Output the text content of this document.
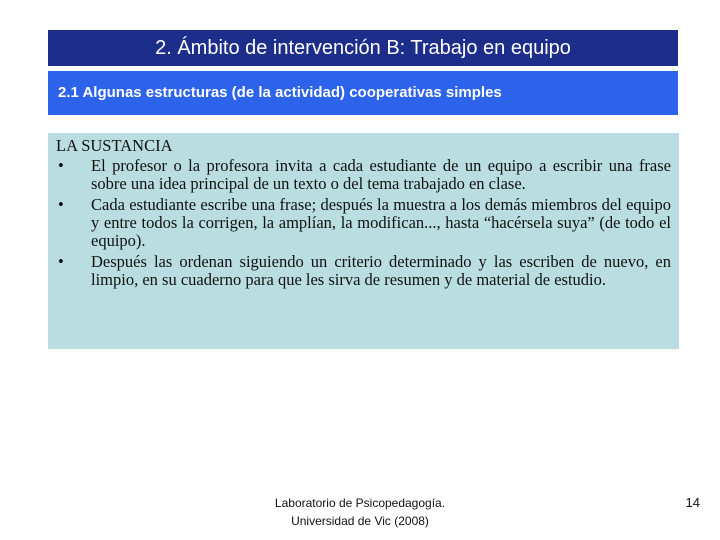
2. Ámbito de intervención B: Trabajo en equipo
2.1 Algunas estructuras (de la actividad) cooperativas simples

LA SUSTANCIA

• El profesor o la profesora invita a cada estudiante de un equipo a escribir una frase sobre una idea principal de un texto o del tema trabajado en clase.
• Cada estudiante escribe una frase; después la muestra a los demás miembros del equipo y entre todos la corrigen, la amplían, la modifican..., hasta “hacérsela suya” (de todo el equipo).
• Después las ordenan siguiendo un criterio determinado y las escriben de nuevo, en limpio, en su cuaderno para que les sirva de resumen y de material de estudio.
Laboratorio de Psicopedagogía.
Universidad de Vic (2008)
14
